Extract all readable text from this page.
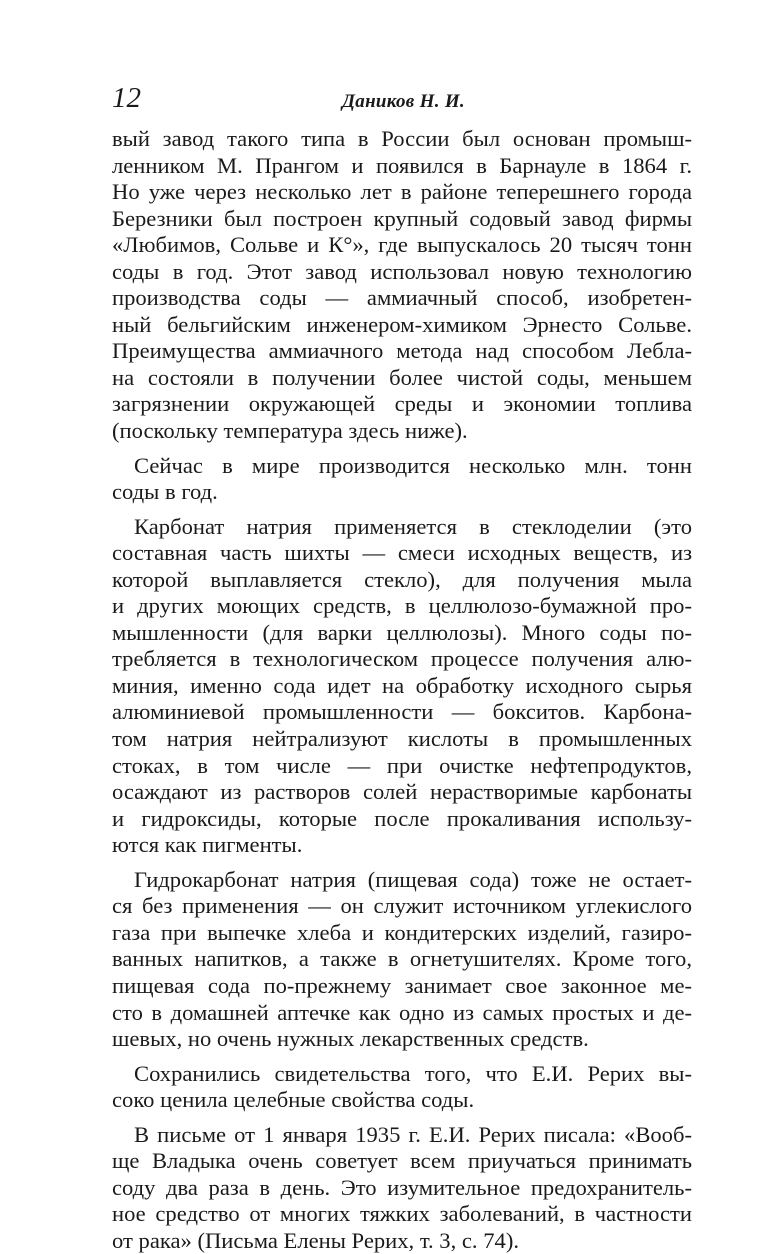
12	Даников Н. И.

вый завод такого типа в России был основан промыш-

ленником М. Прангом и появился в Барнауле в 1864 г.

Но уже через несколько лет в районе теперешнего города

Березники был построен крупный содовый завод фирмы

«Любимов, Сольве и К°», где выпускалось 20 тысяч тонн

соды в год. Этот завод использовал новую технологию

производства соды — аммиачный способ, изобретен-

ный бельгийским инженером-химиком Эрнесто Сольве.

Преимущества аммиачного метода над способом Лебла-

на состояли в получении более чистой соды, меньшем

загрязнении окружающей среды и экономии топлива

(поскольку температура здесь ниже).

Сейчас в мире производится несколько млн. тонн

соды в год.

Карбонат натрия применяется в стеклоделии (это

составная часть шихты — смеси исходных веществ, из

которой выплавляется стекло), для получения мыла

и других моющих средств, в целлюлозо-бумажной про-

мышленности (для варки целлюлозы). Много соды по-

требляется в технологическом процессе получения алю-

миния, именно сода идет на обработку исходного сырья

алюминиевой промышленности — бокситов. Карбона-

том натрия нейтрализуют кислоты в промышленных

стоках, в том числе — при очистке нефтепродуктов,

осаждают из растворов солей нерастворимые карбонаты

и гидроксиды, которые после прокаливания использу-

ются как пигменты.

Гидрокарбонат натрия (пищевая сода) тоже не остает-

ся без применения — он служит источником углекислого

газа при выпечке хлеба и кондитерских изделий, газиро-

ванных напитков, а также в огнетушителях. Кроме того,

пищевая сода по-прежнему занимает свое законное ме-

сто в домашней аптечке как одно из самых простых и де-

шевых, но очень нужных лекарственных средств.

Сохранились свидетельства того, что Е.И. Рерих вы-

соко ценила целебные свойства соды.

В письме от 1 января 1935 г. Е.И. Рерих писала: «Вооб-

ще Владыка очень советует всем приучаться принимать

соду два раза в день. Это изумительное предохранитель-

ное средство от многих тяжких заболеваний, в частности

от рака» (Письма Елены Рерих, т. 3, с. 74).
